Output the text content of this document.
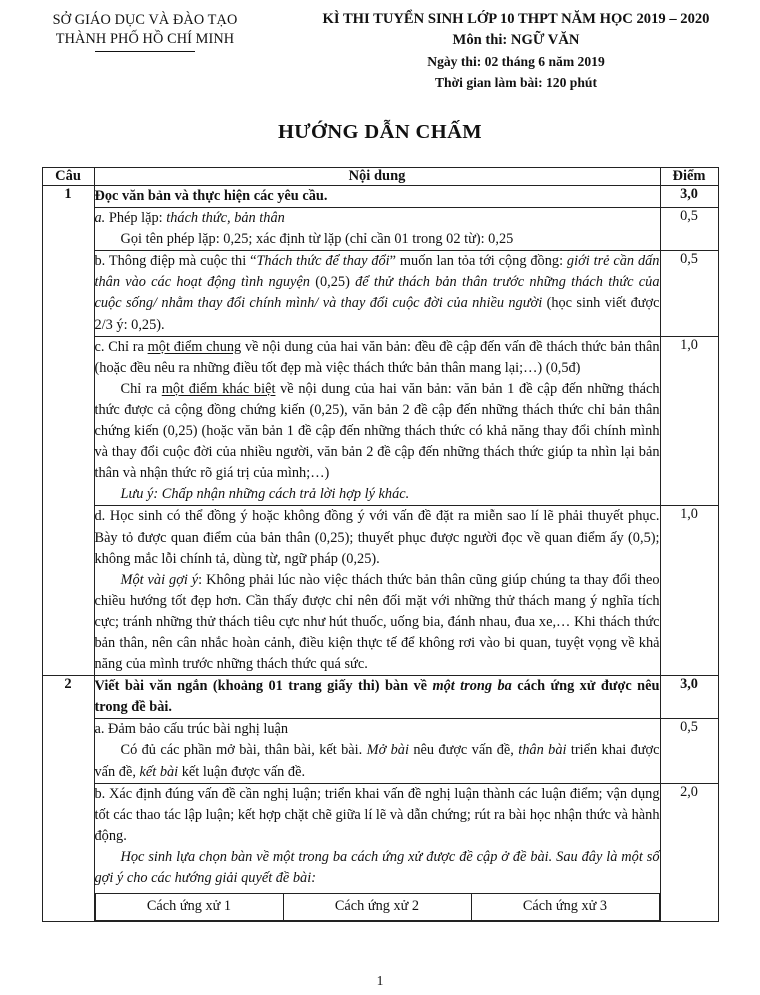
SỞ GIÁO DỤC VÀ ĐÀO TẠO
THÀNH PHỐ HỒ CHÍ MINH
KÌ THI TUYỂN SINH LỚP 10 THPT NĂM HỌC 2019 – 2020
Môn thi: NGỮ VĂN
Ngày thi: 02 tháng 6 năm 2019
Thời gian làm bài: 120 phút
HƯỚNG DẪN CHẤM
Câu	Nội dung	Điểm
1	Đọc văn bản và thực hiện các yêu cầu.	3,0

a. Phép lặp: thách thức, bản thân

Gọi tên phép lặp: 0,25; xác định từ lặp (chỉ cần 01 trong 02 từ): 0,25

	0,5

b. Thông điệp mà cuộc thi “Thách thức để thay đổi” muốn lan tỏa tới cộng đồng: giới trẻ cần dấn thân vào các hoạt động tình nguyện (0,25) để thử thách bản thân trước những thách thức của cuộc sống/ nhằm thay đổi chính mình/ và thay đổi cuộc đời của nhiều người (học sinh viết được 2/3 ý: 0,25).

	0,5

c. Chỉ ra một điểm chung về nội dung của hai văn bản: đều đề cập đến vấn đề thách thức bản thân (hoặc đều nêu ra những điều tốt đẹp mà việc thách thức bản thân mang lại;…) (0,5đ)

Chỉ ra một điểm khác biệt về nội dung của hai văn bản: văn bản 1 đề cập đến những thách thức được cả cộng đồng chứng kiến (0,25), văn bản 2 đề cập đến những thách thức chỉ bản thân chứng kiến (0,25) (hoặc văn bản 1 đề cập đến những thách thức có khả năng thay đổi chính mình và thay đổi cuộc đời của nhiều người, văn bản 2 đề cập đến những thách thức giúp ta nhìn lại bản thân và nhận thức rõ giá trị của mình;…)

Lưu ý: Chấp nhận những cách trả lời hợp lý khác.

	1,0

d. Học sinh có thể đồng ý hoặc không đồng ý với vấn đề đặt ra miễn sao lí lẽ phải thuyết phục. Bày tỏ được quan điểm của bản thân (0,25); thuyết phục được người đọc về quan điểm ấy (0,5); không mắc lỗi chính tả, dùng từ, ngữ pháp (0,25).

Một vài gợi ý: Không phải lúc nào việc thách thức bản thân cũng giúp chúng ta thay đổi theo chiều hướng tốt đẹp hơn. Cần thấy được chỉ nên đối mặt với những thử thách mang ý nghĩa tích cực; tránh những thử thách tiêu cực như hút thuốc, uống bia, đánh nhau, đua xe,… Khi thách thức bản thân, nên cân nhắc hoàn cảnh, điều kiện thực tế để không rơi vào bi quan, tuyệt vọng về khả năng của mình trước những thách thức quá sức.

	1,0
2	Viết bài văn ngắn (khoảng 01 trang giấy thi) bàn về một trong ba cách ứng xử được nêu trong đề bài.

	3,0

a. Đảm bảo cấu trúc bài nghị luận

Có đủ các phần mở bài, thân bài, kết bài. Mở bài nêu được vấn đề, thân bài triển khai được vấn đề, kết bài kết luận được vấn đề.

	0,5

b. Xác định đúng vấn đề cần nghị luận; triển khai vấn đề nghị luận thành các luận điểm; vận dụng tốt các thao tác lập luận; kết hợp chặt chẽ giữa lí lẽ và dẫn chứng; rút ra bài học nhận thức và hành động.

Học sinh lựa chọn bàn về một trong ba cách ứng xử được đề cập ở đề bài. Sau đây là một số gợi ý cho các hướng giải quyết đề bài:

Cách ứng xử 1	Cách ứng xử 2	Cách ứng xử 3
	2,0
1
